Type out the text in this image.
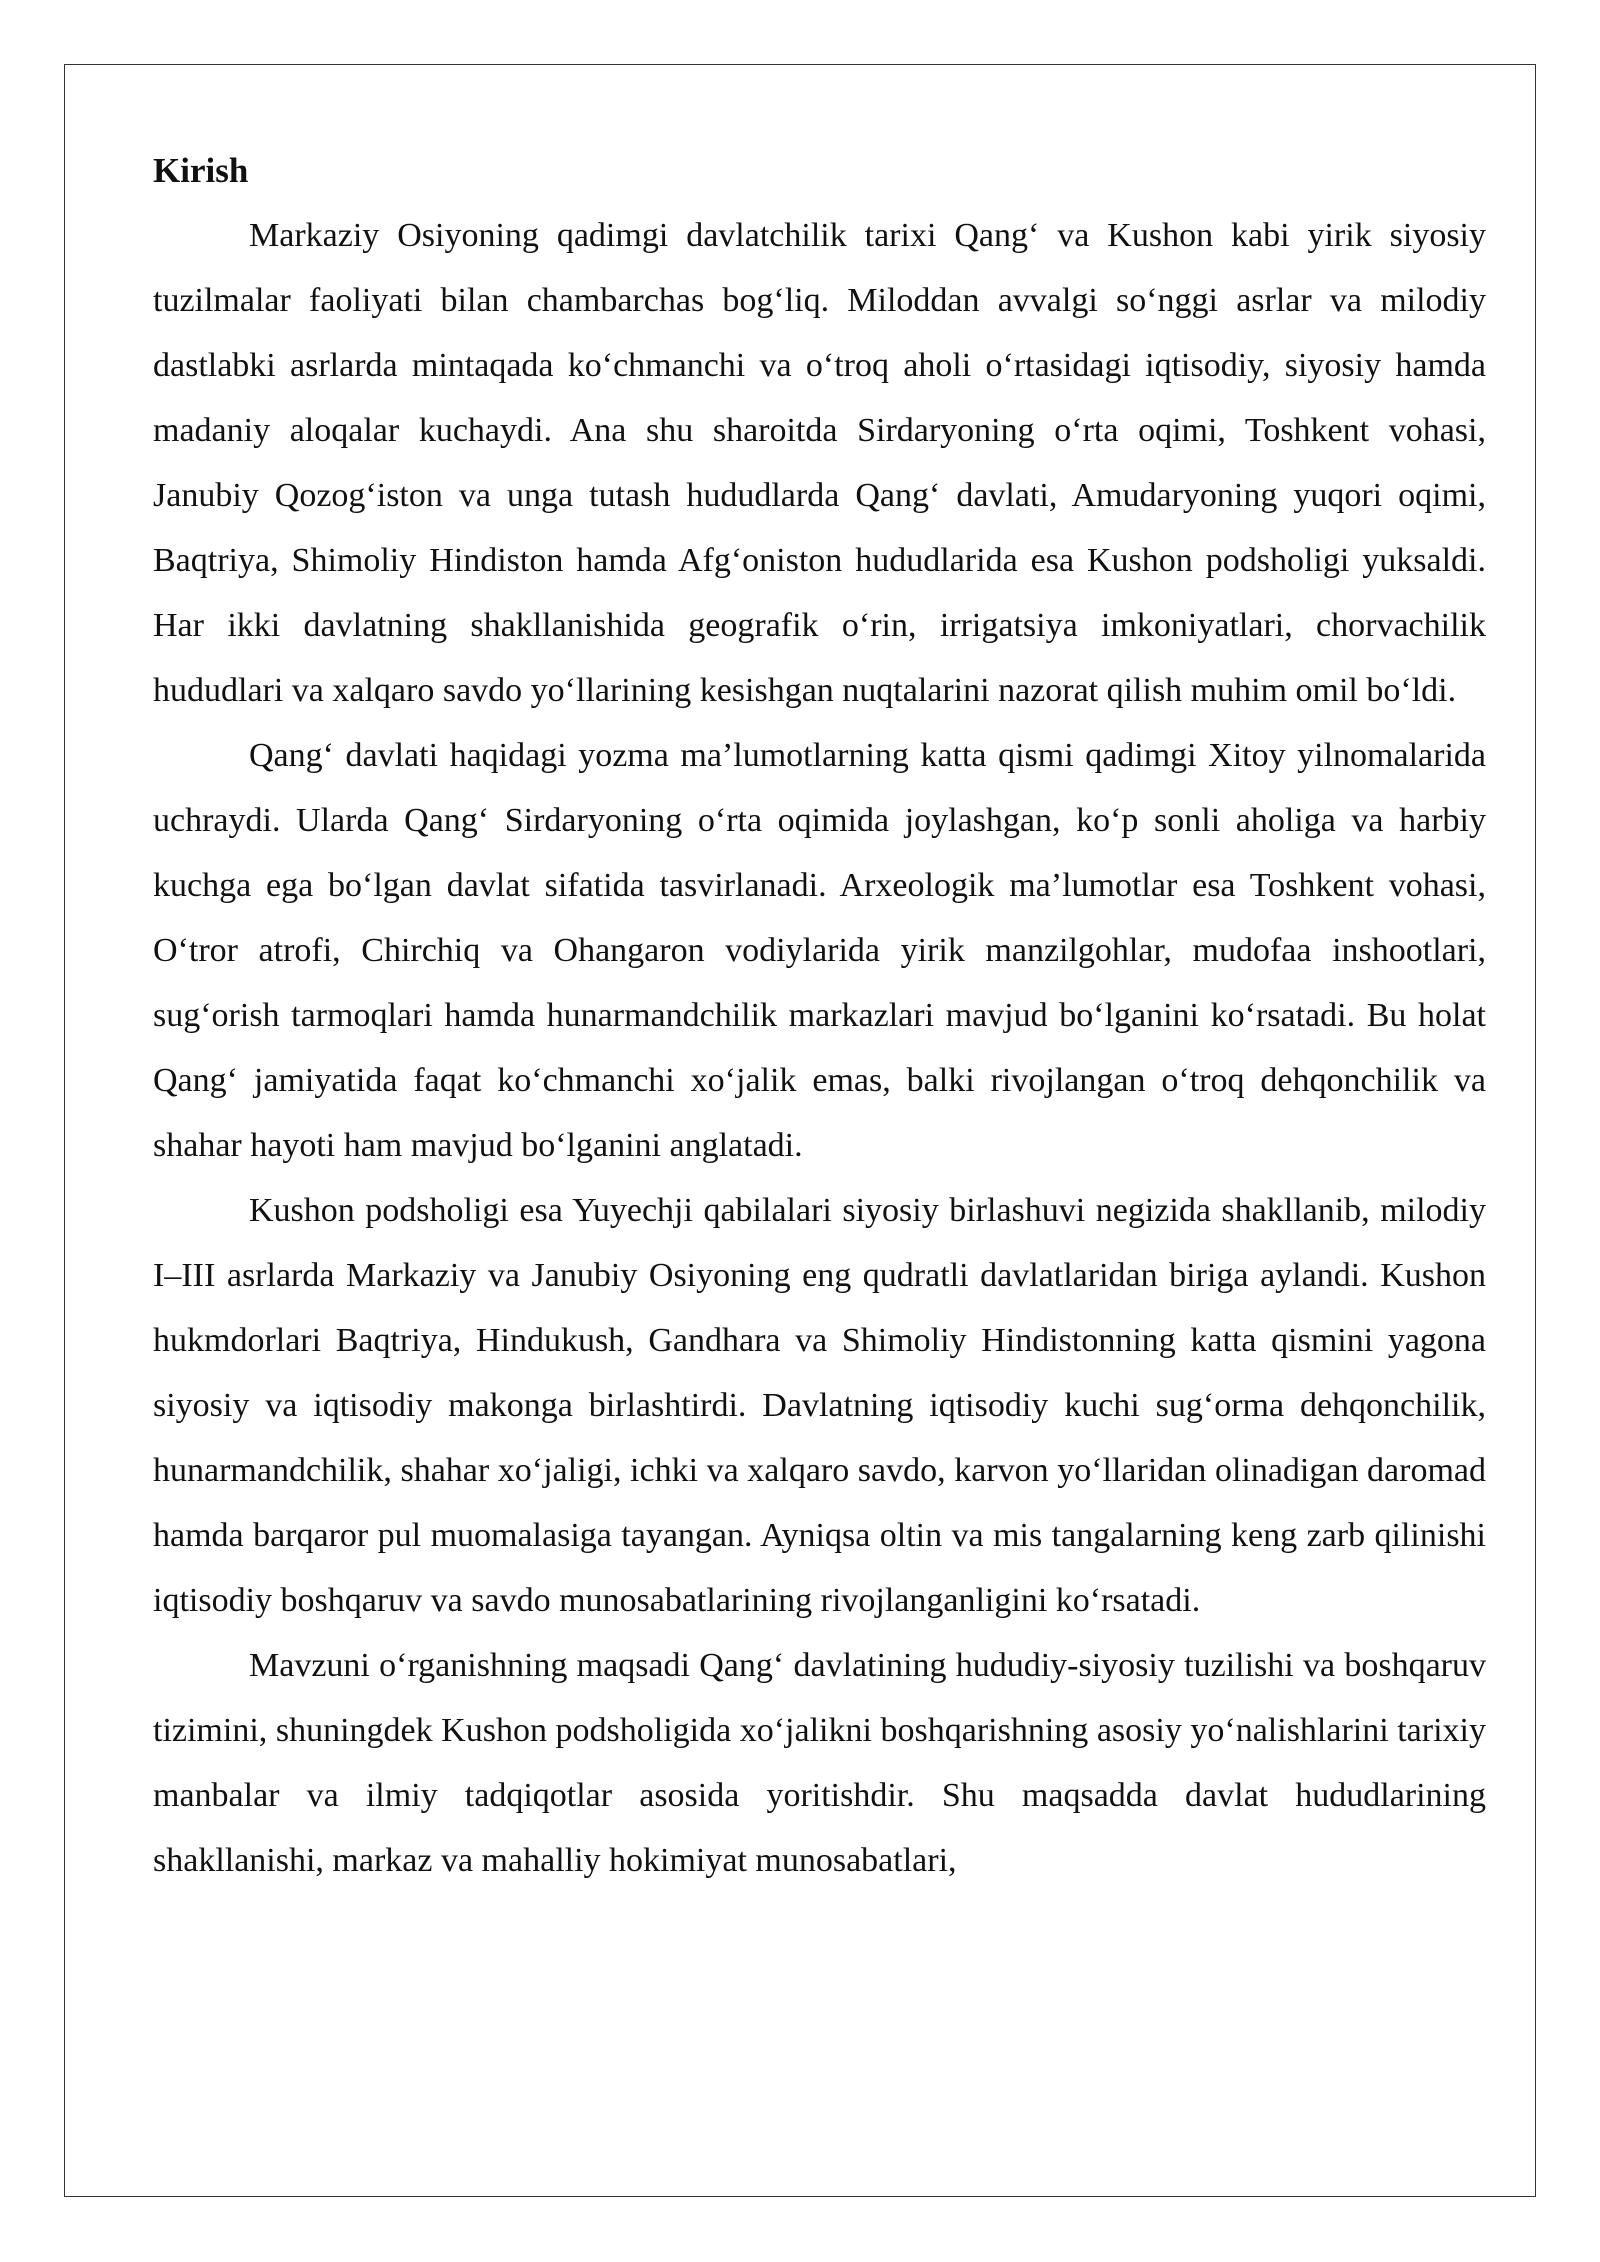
Kirish

Markaziy Osiyoning qadimgi davlatchilik tarixi Qang‘ va Kushon kabi yirik siyosiy tuzilmalar faoliyati bilan chambarchas bog‘liq. Miloddan avvalgi so‘nggi asrlar va milodiy dastlabki asrlarda mintaqada ko‘chmanchi va o‘troq aholi o‘rtasidagi iqtisodiy, siyosiy hamda madaniy aloqalar kuchaydi. Ana shu sharoitda Sirdaryoning o‘rta oqimi, Toshkent vohasi, Janubiy Qozog‘iston va unga tutash hududlarda Qang‘ davlati, Amudaryoning yuqori oqimi, Baqtriya, Shimoliy Hindiston hamda Afg‘oniston hududlarida esa Kushon podsholigi yuksaldi. Har ikki davlatning shakllanishida geografik o‘rin, irrigatsiya imkoniyatlari, chorvachilik hududlari va xalqaro savdo yo‘llarining kesishgan nuqtalarini nazorat qilish muhim omil bo‘ldi.

Qang‘ davlati haqidagi yozma ma’lumotlarning katta qismi qadimgi Xitoy yilnomalarida uchraydi. Ularda Qang‘ Sirdaryoning o‘rta oqimida joylashgan, ko‘p sonli aholiga va harbiy kuchga ega bo‘lgan davlat sifatida tasvirlanadi. Arxeologik ma’lumotlar esa Toshkent vohasi, O‘tror atrofi, Chirchiq va Ohangaron vodiylarida yirik manzilgohlar, mudofaa inshootlari, sug‘orish tarmoqlari hamda hunarmandchilik markazlari mavjud bo‘lganini ko‘rsatadi. Bu holat Qang‘ jamiyatida faqat ko‘chmanchi xo‘jalik emas, balki rivojlangan o‘troq dehqonchilik va shahar hayoti ham mavjud bo‘lganini anglatadi.

Kushon podsholigi esa Yuyechji qabilalari siyosiy birlashuvi negizida shakllanib, milodiy I–III asrlarda Markaziy va Janubiy Osiyoning eng qudratli davlatlaridan biriga aylandi. Kushon hukmdorlari Baqtriya, Hindukush, Gandhara va Shimoliy Hindistonning katta qismini yagona siyosiy va iqtisodiy makonga birlashtirdi. Davlatning iqtisodiy kuchi sug‘orma dehqonchilik, hunarmandchilik, shahar xo‘jaligi, ichki va xalqaro savdo, karvon yo‘llaridan olinadigan daromad hamda barqaror pul muomalasiga tayangan. Ayniqsa oltin va mis tangalarning keng zarb qilinishi iqtisodiy boshqaruv va savdo munosabatlarining rivojlanganligini ko‘rsatadi.

Mavzuni o‘rganishning maqsadi Qang‘ davlatining hududiy-siyosiy tuzilishi va boshqaruv tizimini, shuningdek Kushon podsholigida xo‘jalikni boshqarishning asosiy yo‘nalishlarini tarixiy manbalar va ilmiy tadqiqotlar asosida yoritishdir. Shu maqsadda davlat hududlarining shakllanishi, markaz va mahalliy hokimiyat munosabatlari,
